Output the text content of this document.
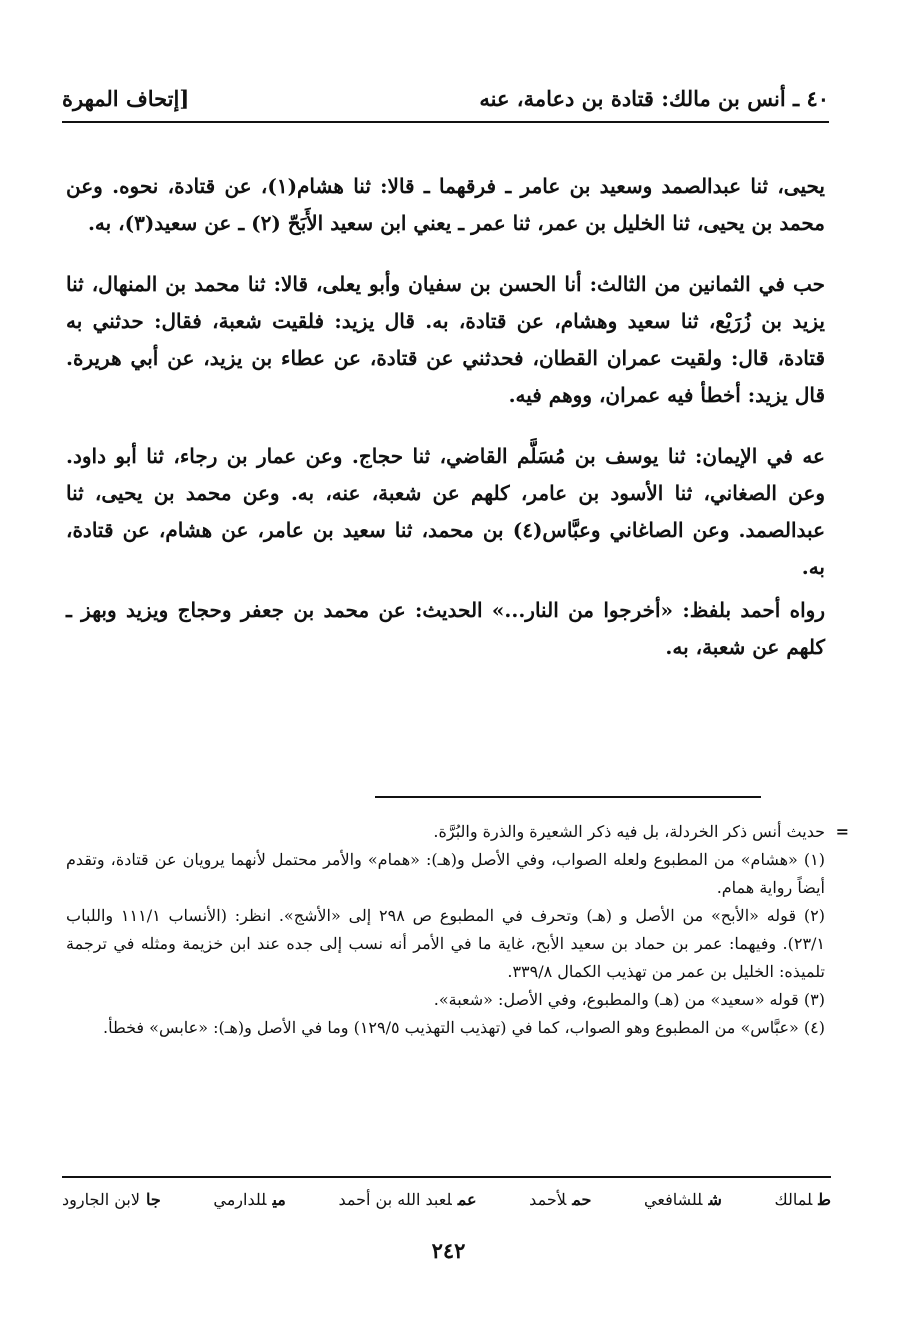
٤٠ ـ أنس بن مالك: قتادة بن دعامة، عنه
[إتحاف المهرة

يحيى، ثنا عبدالصمد وسعيد بن عامر ـ فرقهما ـ قالا: ثنا هشام(١)، عن قتادة، نحوه. وعن محمد بن يحيى، ثنا الخليل بن عمر، ثنا عمر ـ يعني ابن سعيد الأَبَحّ (٢) ـ عن سعيد(٣)، به.

حب في الثمانين من الثالث: أنا الحسن بن سفيان وأبو يعلى، قالا: ثنا محمد بن المنهال، ثنا يزيد بن زُرَيْع، ثنا سعيد وهشام، عن قتادة، به. قال يزيد: فلقيت شعبة، فقال: حدثني به قتادة، قال: ولقيت عمران القطان، فحدثني عن قتادة، عن عطاء بن يزيد، عن أبي هريرة. قال يزيد: أخطأ فيه عمران، ووهم فيه.

عه في الإيمان: ثنا يوسف بن مُسَلَّم القاضي، ثنا حجاج. وعن عمار بن رجاء، ثنا أبو داود. وعن الصغاني، ثنا الأسود بن عامر، كلهم عن شعبة، عنه، به. وعن محمد بن يحيى، ثنا عبدالصمد. وعن الصاغاني وعبَّاس(٤) بن محمد، ثنا سعيد بن عامر، عن هشام، عن قتادة، به.

رواه أحمد بلفظ: «أخرجوا من النار...» الحديث: عن محمد بن جعفر وحجاج ويزيد وبهز ـ كلهم عن شعبة، به.

=
حديث أنس ذكر الخردلة، بل فيه ذكر الشعيرة والذرة والبُرَّة.

(١) «هشام» من المطبوع ولعله الصواب، وفي الأصل و(هـ): «همام» والأمر محتمل لأنهما يرويان عن قتادة، وتقدم أيضاً رواية همام.

(٢) قوله «الأبح» من الأصل و (هـ) وتحرف في المطبوع ص ٢٩٨ إلى «الأشج». انظر: (الأنساب ١١١/١ واللباب ٢٣/١). وفيهما: عمر بن حماد بن سعيد الأبح، غاية ما في الأمر أنه نسب إلى جده عند ابن خزيمة ومثله في ترجمة تلميذه: الخليل بن عمر من تهذيب الكمال ٣٣٩/٨.

(٣) قوله «سعيد» من (هـ) والمطبوع، وفي الأصل: «شعبة».

(٤) «عبَّاس» من المطبوع وهو الصواب، كما في (تهذيب التهذيب ١٢٩/٥) وما في الأصل و(هـ): «عابس» فخطأ.

طلمالك
شللشافعي
حملأحمد
عملعبد الله بن أحمد
ميللدارمي
جالابن الجارود
٢٤٢
